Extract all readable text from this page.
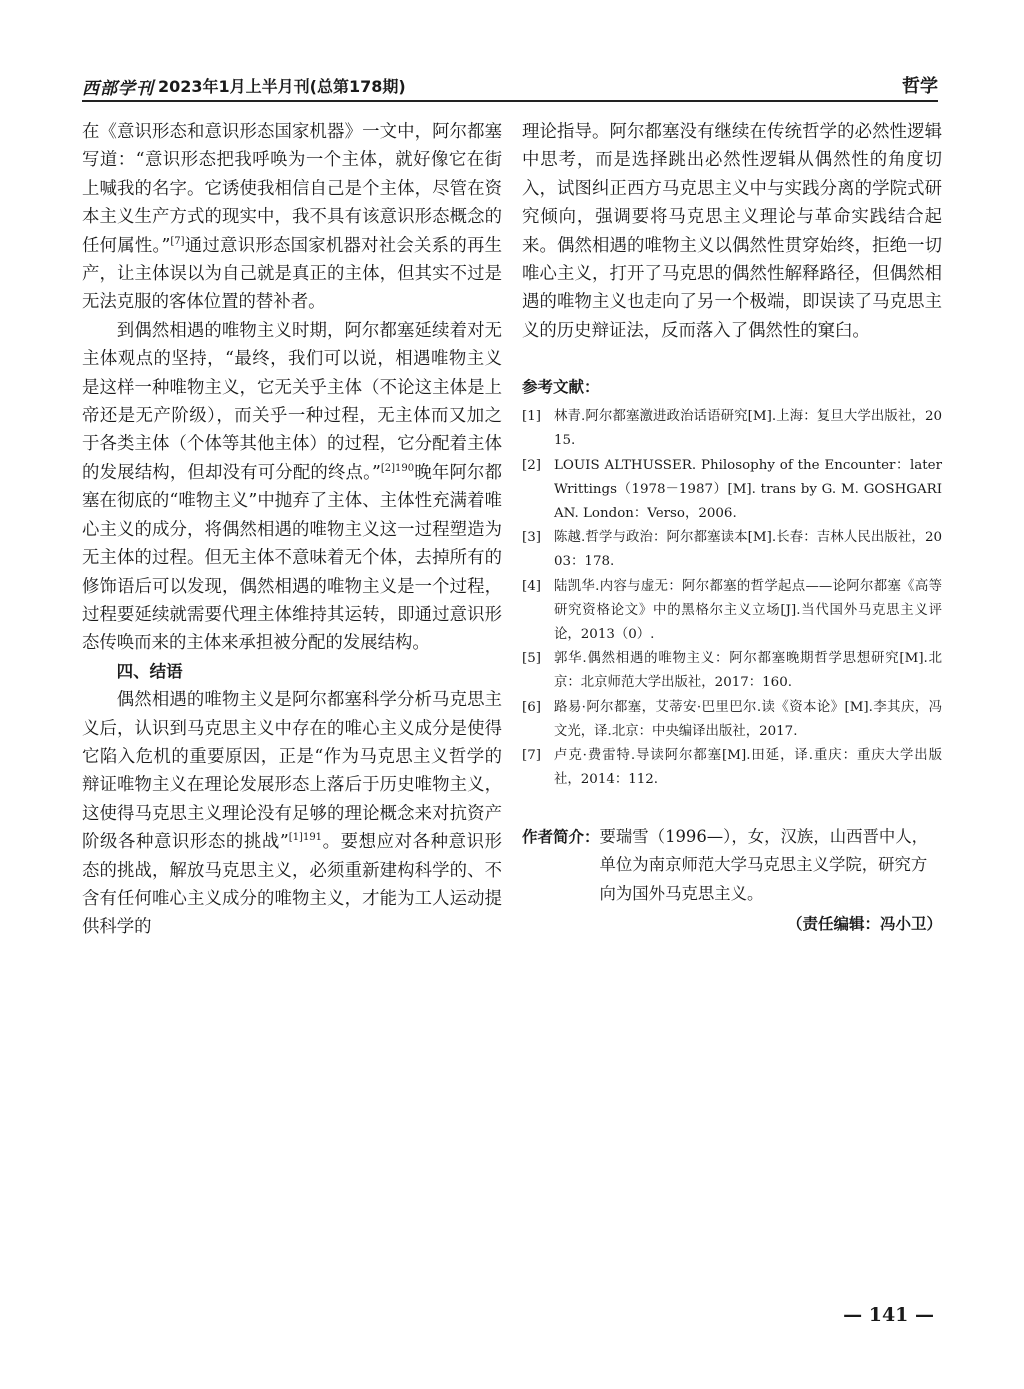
西部学刊 2023年1月上半月刊(总第178期)	哲学

在《意识形态和意识形态国家机器》一文中，阿尔都塞写道：“意识形态把我呼唤为一个主体，就好像它在街上喊我的名字。它诱使我相信自己是个主体，尽管在资本主义生产方式的现实中，我不具有该意识形态概念的任何属性。”[7]通过意识形态国家机器对社会关系的再生产，让主体误以为自己就是真正的主体，但其实不过是无法克服的客体位置的替补者。

到偶然相遇的唯物主义时期，阿尔都塞延续着对无主体观点的坚持，“最终，我们可以说，相遇唯物主义是这样一种唯物主义，它无关乎主体（不论这主体是上帝还是无产阶级），而关乎一种过程，无主体而又加之于各类主体（个体等其他主体）的过程，它分配着主体的发展结构，但却没有可分配的终点。”$^{[2]190}$晚年阿尔都塞在彻底的“唯物主义”中抛弃了主体、主体性充满着唯心主义的成分，将偶然相遇的唯物主义这一过程塑造为无主体的过程。但无主体不意味着无个体，去掉所有的修饰语后可以发现，偶然相遇的唯物主义是一个过程，过程要延续就需要代理主体维持其运转，即通过意识形态传唤而来的主体来承担被分配的发展结构。

四、结语

偶然相遇的唯物主义是阿尔都塞科学分析马克思主义后，认识到马克思主义中存在的唯心主义成分是使得它陷入危机的重要原因，正是“作为马克思主义哲学的辩证唯物主义在理论发展形态上落后于历史唯物主义，这使得马克思主义理论没有足够的理论概念来对抗资产阶级各种意识形态的挑战”$^{[1]191}$。要想应对各种意识形态的挑战，解放马克思主义，必须重新建构科学的、不含有任何唯心主义成分的唯物主义，才能为工人运动提供科学的

理论指导。阿尔都塞没有继续在传统哲学的必然性逻辑中思考，而是选择跳出必然性逻辑从偶然性的角度切入，试图纠正西方马克思主义中与实践分离的学院式研究倾向，强调要将马克思主义理论与革命实践结合起来。偶然相遇的唯物主义以偶然性贯穿始终，拒绝一切唯心主义，打开了马克思的偶然性解释路径，但偶然相遇的唯物主义也走向了另一个极端，即误读了马克思主义的历史辩证法，反而落入了偶然性的窠臼。

参考文献：

[1] 林青.阿尔都塞激进政治话语研究[M].上海：复旦大学出版社，2015.
[2] LOUIS ALTHUSSER. Philosophy of the Encounter：later Writtings（1978－1987）[M]. trans by G. M. GOSHGARIAN. London：Verso，2006.
[3] 陈越.哲学与政治：阿尔都塞读本[M].长春：吉林人民出版社，2003：178.
[4] 陆凯华.内容与虚无：阿尔都塞的哲学起点——论阿尔都塞《高等研究资格论文》中的黑格尔主义立场[J].当代国外马克思主义评论，2013（0）.
[5] 郭华.偶然相遇的唯物主义：阿尔都塞晚期哲学思想研究[M].北京：北京师范大学出版社，2017：160.
[6] 路易·阿尔都塞，艾蒂安·巴里巴尔.读《资本论》[M].李其庆，冯文光，译.北京：中央编译出版社，2017.
[7] 卢克·费雷特.导读阿尔都塞[M].田延，译.重庆：重庆大学出版社，2014：112.
作者简介： 要瑞雪（1996—），女，汉族，山西晋中人，单位为南京师范大学马克思主义学院，研究方向为国外马克思主义。

（责任编辑：冯小卫）

— 141 —
